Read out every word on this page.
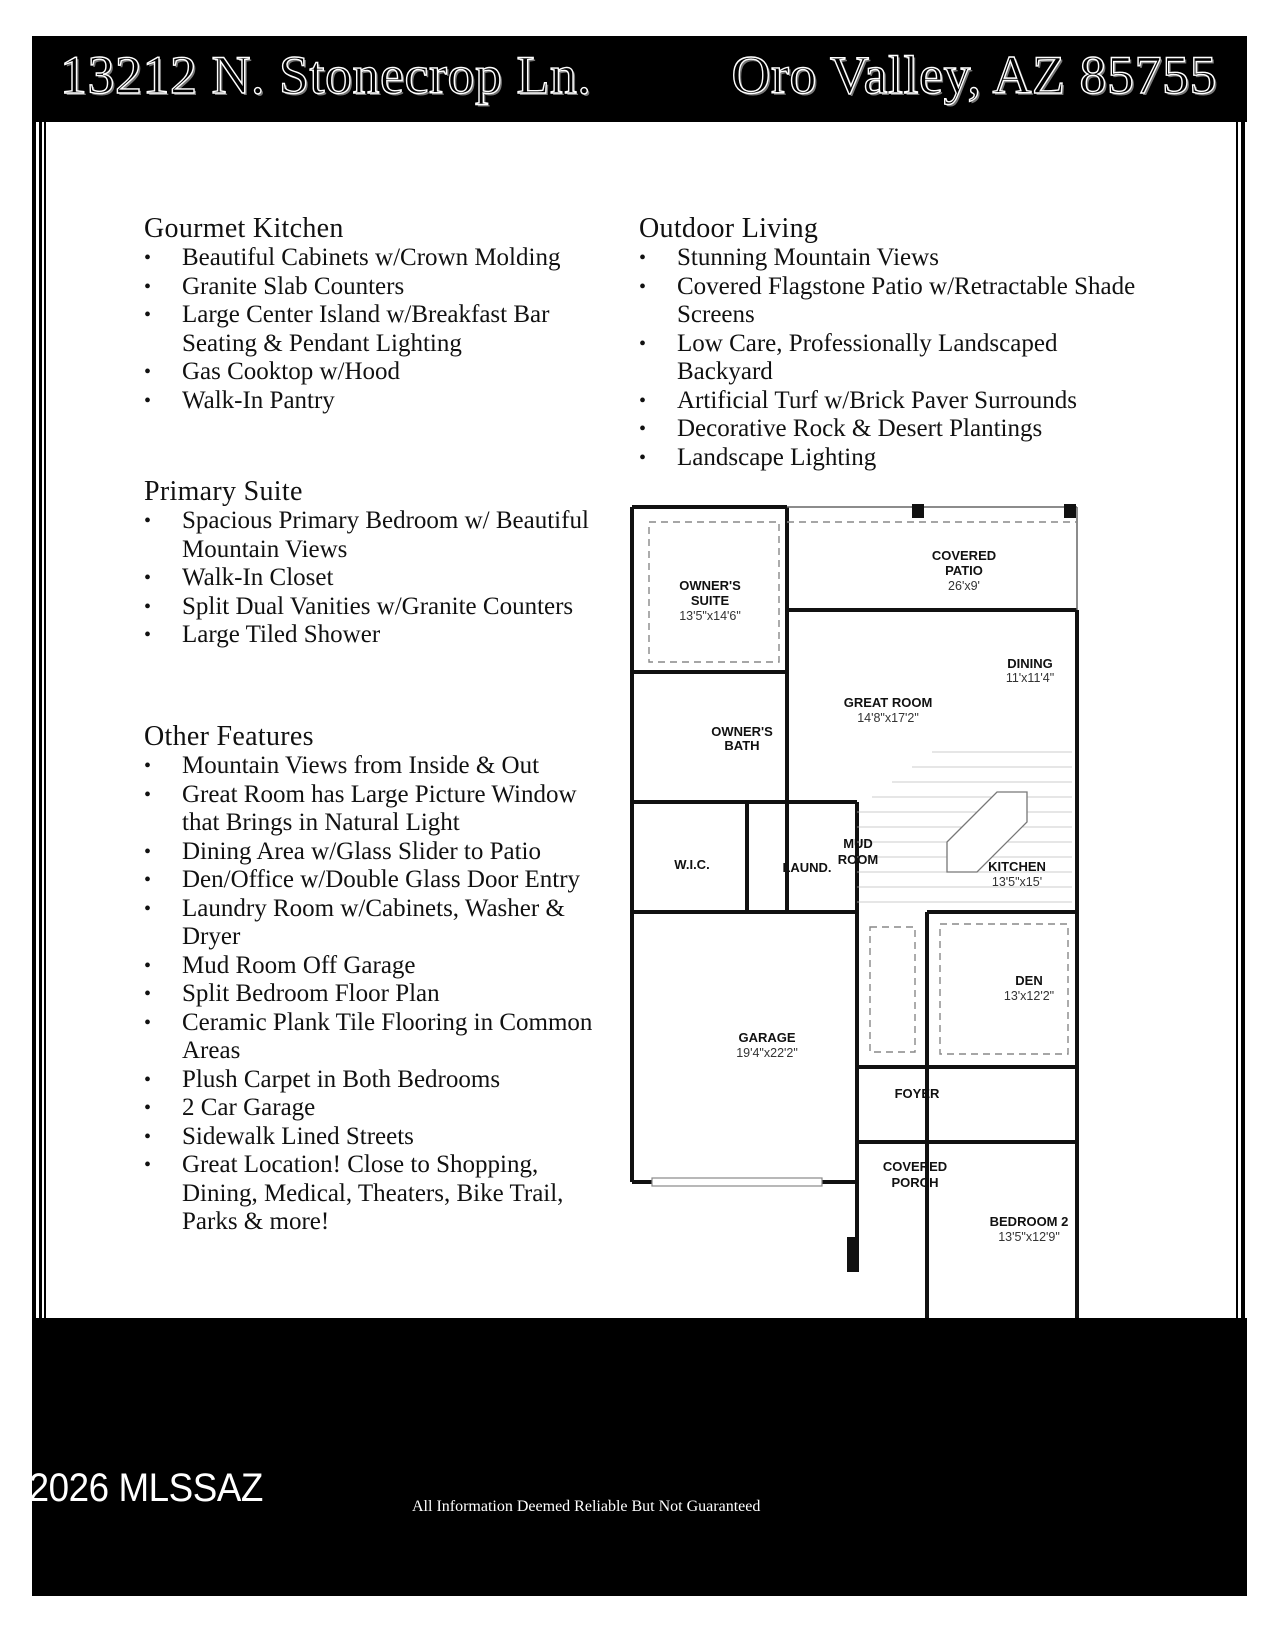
13212 N. Stonecrop Ln.	Oro Valley, AZ 85755
Gourmet Kitchen
• Beautiful Cabinets w/Crown Molding
• Granite Slab Counters
• Large Center Island w/Breakfast Bar Seating & Pendant Lighting
• Gas Cooktop w/Hood
• Walk-In Pantry
Outdoor Living
• Stunning Mountain Views
• Covered Flagstone Patio w/Retractable Shade Screens
• Low Care, Professionally Landscaped Backyard
• Artificial Turf w/Brick Paver Surrounds
• Decorative Rock & Desert Plantings
• Landscape Lighting
Primary Suite
• Spacious Primary Bedroom w/ Beautiful Mountain Views
• Walk-In Closet
• Split Dual Vanities w/Granite Counters
• Large Tiled Shower
Other Features
• Mountain Views from Inside & Out
• Great Room has Large Picture Window that Brings in Natural Light
• Dining Area w/Glass Slider to Patio
• Den/Office w/Double Glass Door Entry
• Laundry Room w/Cabinets, Washer & Dryer
• Mud Room Off Garage
• Split Bedroom Floor Plan
• Ceramic Plank Tile Flooring in Common Areas
• Plush Carpet in Both Bedrooms
• 2 Car Garage
• Sidewalk Lined Streets
• Great Location! Close to Shopping, Dining, Medical, Theaters, Bike Trail, Parks & more!
OWNER'S
SUITE
13'5"x14'6"
COVERED
PATIO
26'x9'
DINING
11'x11'4"
GREAT ROOM
14'8"x17'2"
OWNER'S
BATH
W.I.C.	LAUND.
MUD
ROOM	KITCHEN
13'5"x15'
DEN
13'x12'2"
GARAGE
19'4"x22'2"
FOYER
COVERED
PORCH
BEDROOM 2
13'5"x12'9"
©2026 MLSSAZ	All Information Deemed Reliable But Not Guaranteed
